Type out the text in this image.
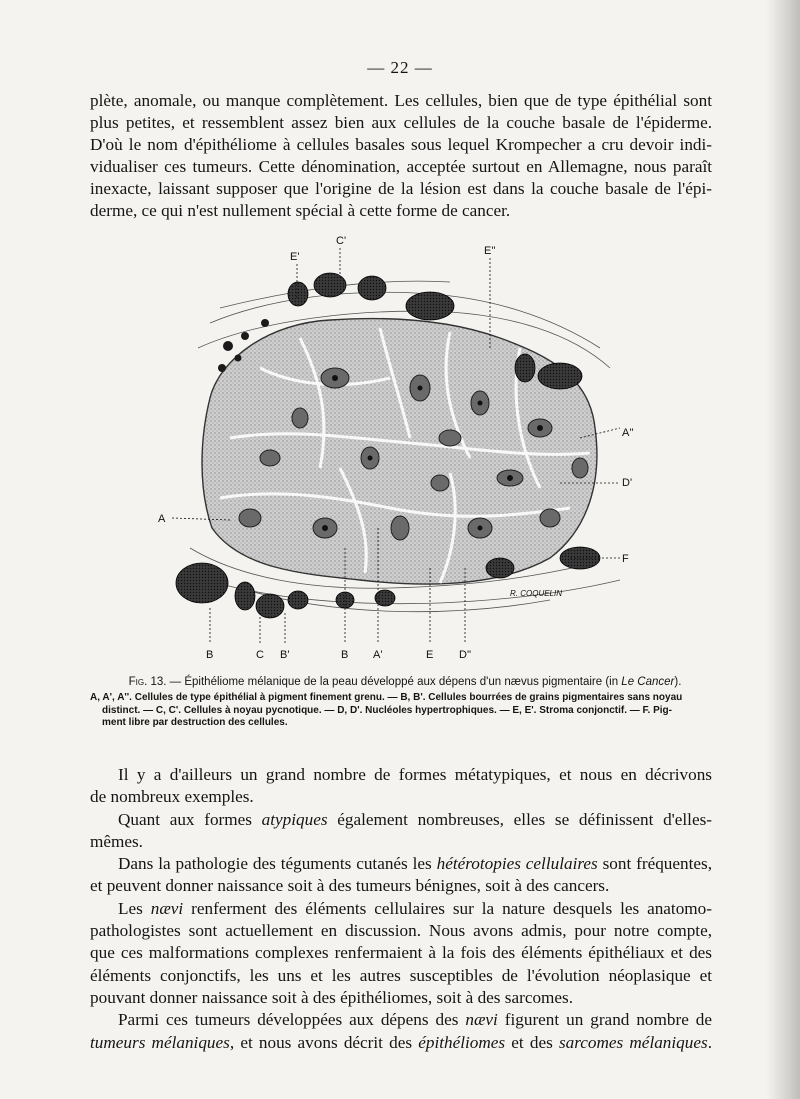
— 22 —
plète, anomale, ou manque complètement. Les cellules, bien que de type épithélial sont
plus petites, et ressemblent assez bien aux cellules de la couche basale de l'épiderme.
D'où le nom d'épithéliome à cellules basales sous lequel Krompecher a cru devoir indi-
vidualiser ces tumeurs. Cette dénomination, acceptée surtout en Allemagne, nous paraît
inexacte, laissant supposer que l'origine de la lésion est dans la couche basale de l'épi-
derme, ce qui n'est nullement spécial à cette forme de cancer.
C'
E'	E''
A''
D'
A
F
R. COQUELIN
B	C B'	B A'	E D''
Fig. 13. — Épithéliome mélanique de la peau développé aux dépens d'un nævus pigmentaire (in Le Cancer).
A, A', A''. Cellules de type épithélial à pigment finement grenu. — B, B'. Cellules bourrées de grains pigmentaires sans noyau
distinct. — C, C'. Cellules à noyau pycnotique. — D, D'. Nucléoles hypertrophiques. — E, E'. Stroma conjonctif. — F. Pig-
ment libre par destruction des cellules.
Il y a d'ailleurs un grand nombre de formes métatypiques, et nous en décrivons
de nombreux exemples.
Quant aux formes atypiques également nombreuses, elles se définissent d'elles-
mêmes.
Dans la pathologie des téguments cutanés les hétérotopies cellulaires sont fréquentes,
et peuvent donner naissance soit à des tumeurs bénignes, soit à des cancers.
Les nævi renferment des éléments cellulaires sur la nature desquels les anatomo-
pathologistes sont actuellement en discussion. Nous avons admis, pour notre compte,
que ces malformations complexes renfermaient à la fois des éléments épithéliaux et des
éléments conjonctifs, les uns et les autres susceptibles de l'évolution néoplasique et
pouvant donner naissance soit à des épithéliomes, soit à des sarcomes.
Parmi ces tumeurs développées aux dépens des nævi figurent un grand nombre de
tumeurs mélaniques, et nous avons décrit des épithéliomes et des sarcomes mélaniques.
